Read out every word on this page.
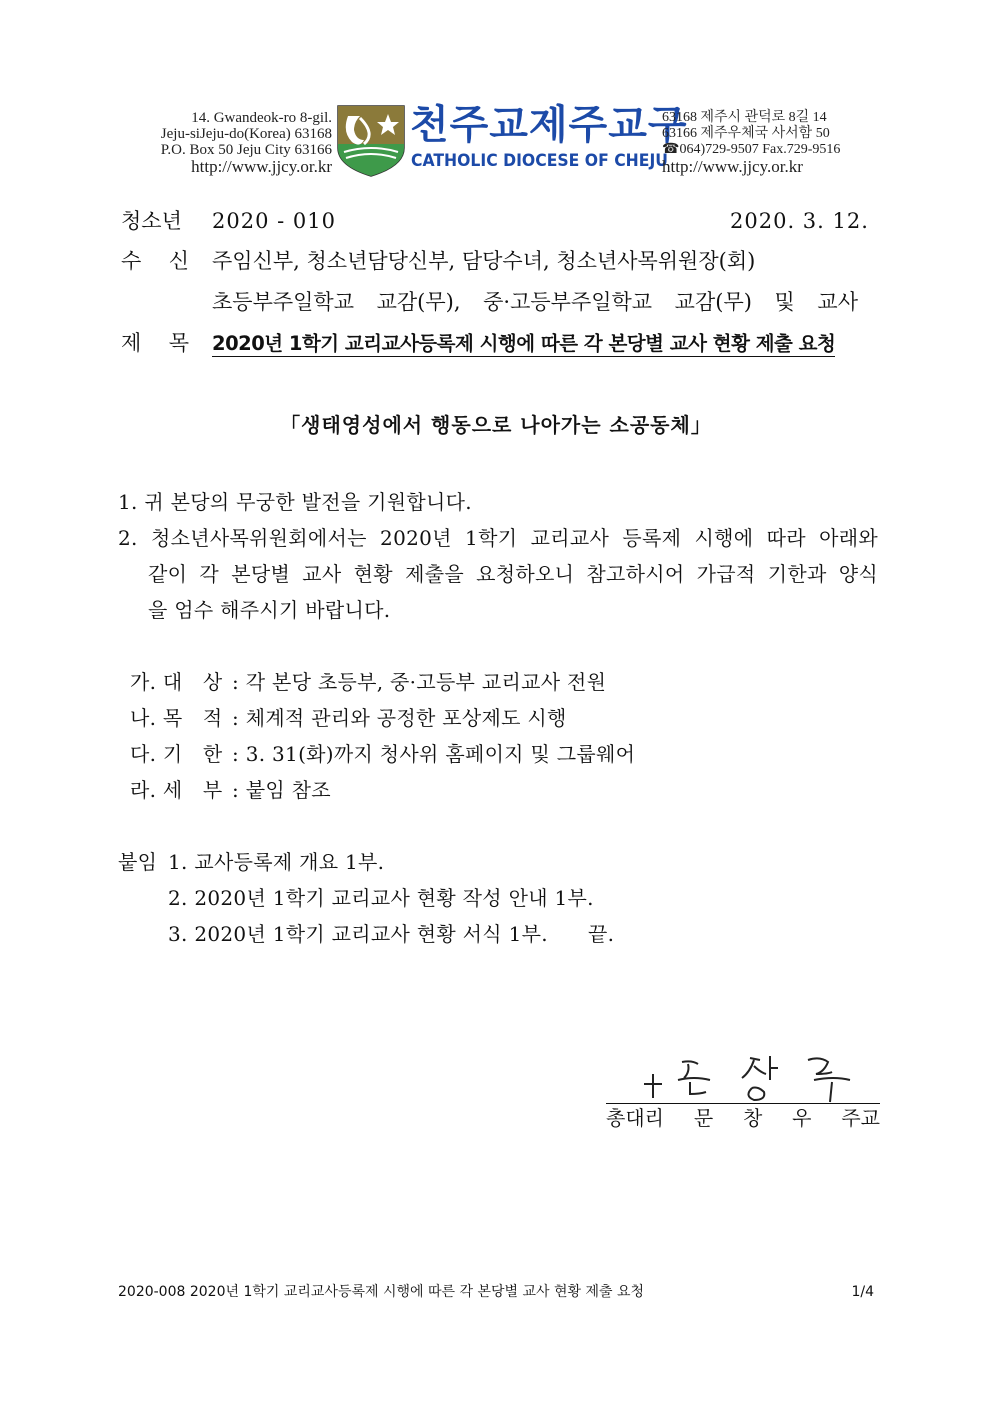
14. Gwandeok-ro 8-gil.
Jeju-siJeju-do(Korea) 63168
P.O. Box 50 Jeju City 63166
http://www.jjcy.or.kr
천주교제주교구
CATHOLIC DIOCESE OF CHEJU
63168 제주시 관덕로 8길 14
63166 제주우체국 사서함 50
☎064)729-9507 Fax.729-9516
http://www.jjcy.or.kr
청소년 2020 - 010	2020. 3. 12.
수 신 주임신부, 청소년담당신부, 담당수녀, 청소년사목위원장(회)
초등부주일학교 교감(무), 중·고등부주일학교 교감(무) 및 교사
제 목 2020년 1학기 교리교사등록제 시행에 따른 각 본당별 교사 현황 제출 요청
「생태영성에서 행동으로 나아가는 소공동체」
1. 귀 본당의 무궁한 발전을 기원합니다.
2. 청소년사목위원회에서는 2020년 1학기 교리교사 등록제 시행에 따라 아래와
같이 각 본당별 교사 현황 제출을 요청하오니 참고하시어 가급적 기한과 양식
을 엄수 해주시기 바랍니다.
가. 대　상 : 각 본당 초등부, 중·고등부 교리교사 전원
나. 목　적 : 체계적 관리와 공정한 포상제도 시행
다. 기　한 : 3. 31(화)까지 청사위 홈페이지 및 그룹웨어
라. 세　부 : 붙임 참조
붙임 1. 교사등록제 개요 1부.
2. 2020년 1학기 교리교사 현황 작성 안내 1부.
3. 2020년 1학기 교리교사 현황 서식 1부. 끝.
총대리 문 창 우 주교
2020-008 2020년 1학기 교리교사등록제 시행에 따른 각 본당별 교사 현황 제출 요청	1/4
